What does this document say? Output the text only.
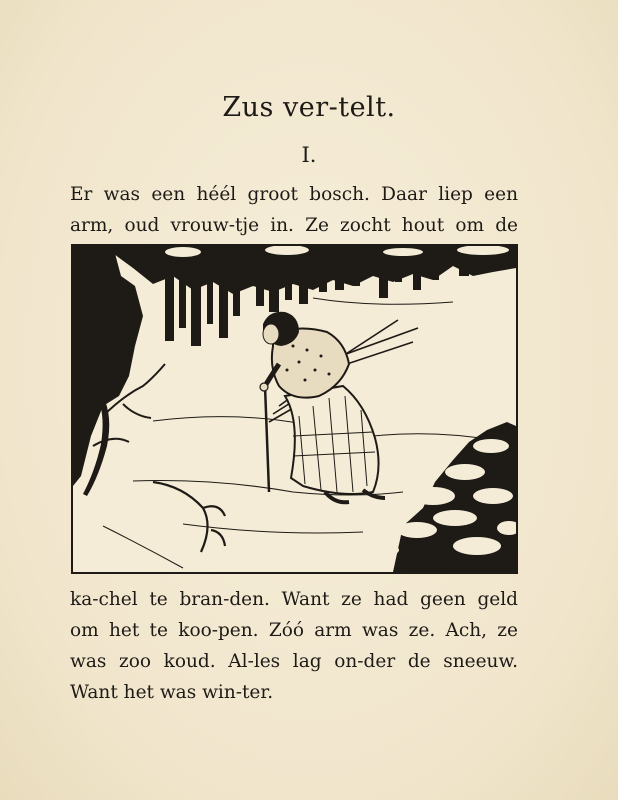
Zus ver-telt.
I.
Er was een héél groot bosch. Daar liep een
arm, oud vrouw-tje in. Ze zocht hout om de
J·M·B·
ka-chel te bran-den. Want ze had geen geld
om het te koo-pen. Zóó arm was ze. Ach, ze
was zoo koud. Al-les lag on-der de sneeuw.
Want het was win-ter.
